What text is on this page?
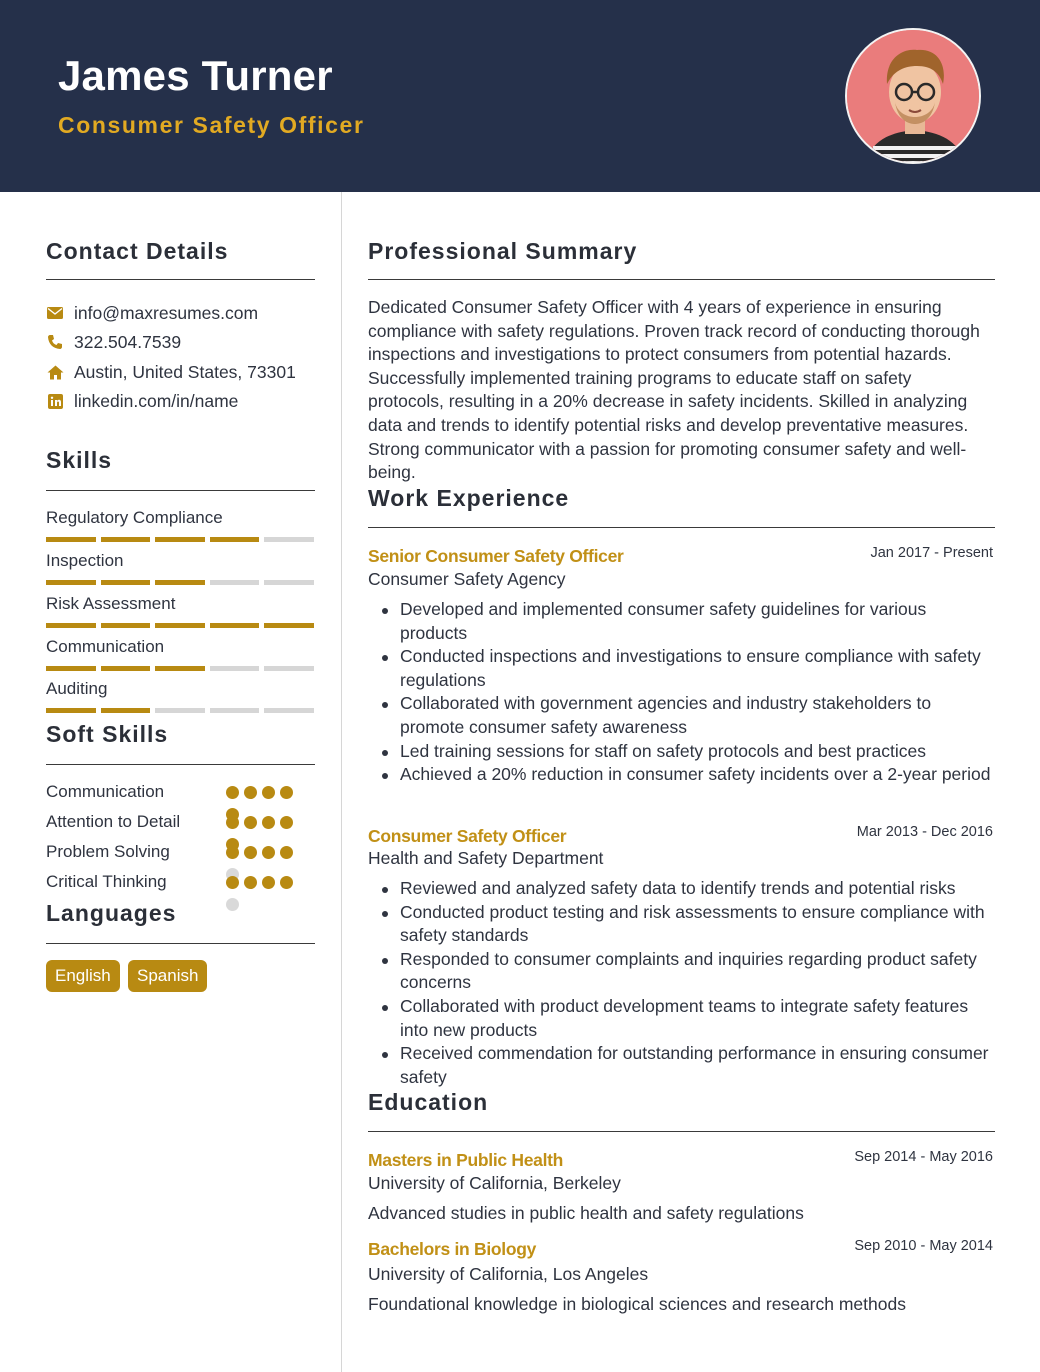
James Turner
Consumer Safety Officer
Contact Details
info@maxresumes.com
322.504.7539
Austin, United States, 73301
linkedin.com/in/name
Skills
Regulatory Compliance
Inspection
Risk Assessment
Communication
Auditing
Soft Skills
Communication
Attention to Detail
Problem Solving
Critical Thinking
Languages
English	Spanish
Professional Summary
Dedicated Consumer Safety Officer with 4 years of experience in ensuring compliance with safety regulations. Proven track record of conducting thorough inspections and investigations to protect consumers from potential hazards. Successfully implemented training programs to educate staff on safety protocols, resulting in a 20% decrease in safety incidents. Skilled in analyzing data and trends to identify potential risks and develop preventative measures. Strong communicator with a passion for promoting consumer safety and well-being.
Work Experience
Senior Consumer Safety Officer	Jan 2017 - Present
Consumer Safety Agency
Developed and implemented consumer safety guidelines for various products
Conducted inspections and investigations to ensure compliance with safety regulations
Collaborated with government agencies and industry stakeholders to promote consumer safety awareness
Led training sessions for staff on safety protocols and best practices
Achieved a 20% reduction in consumer safety incidents over a 2-year period
Consumer Safety Officer	Mar 2013 - Dec 2016
Health and Safety Department
Reviewed and analyzed safety data to identify trends and potential risks
Conducted product testing and risk assessments to ensure compliance with safety standards
Responded to consumer complaints and inquiries regarding product safety concerns
Collaborated with product development teams to integrate safety features into new products
Received commendation for outstanding performance in ensuring consumer safety
Education
Masters in Public Health	Sep 2014 - May 2016
University of California, Berkeley
Advanced studies in public health and safety regulations
Bachelors in Biology	Sep 2010 - May 2014
University of California, Los Angeles
Foundational knowledge in biological sciences and research methods
